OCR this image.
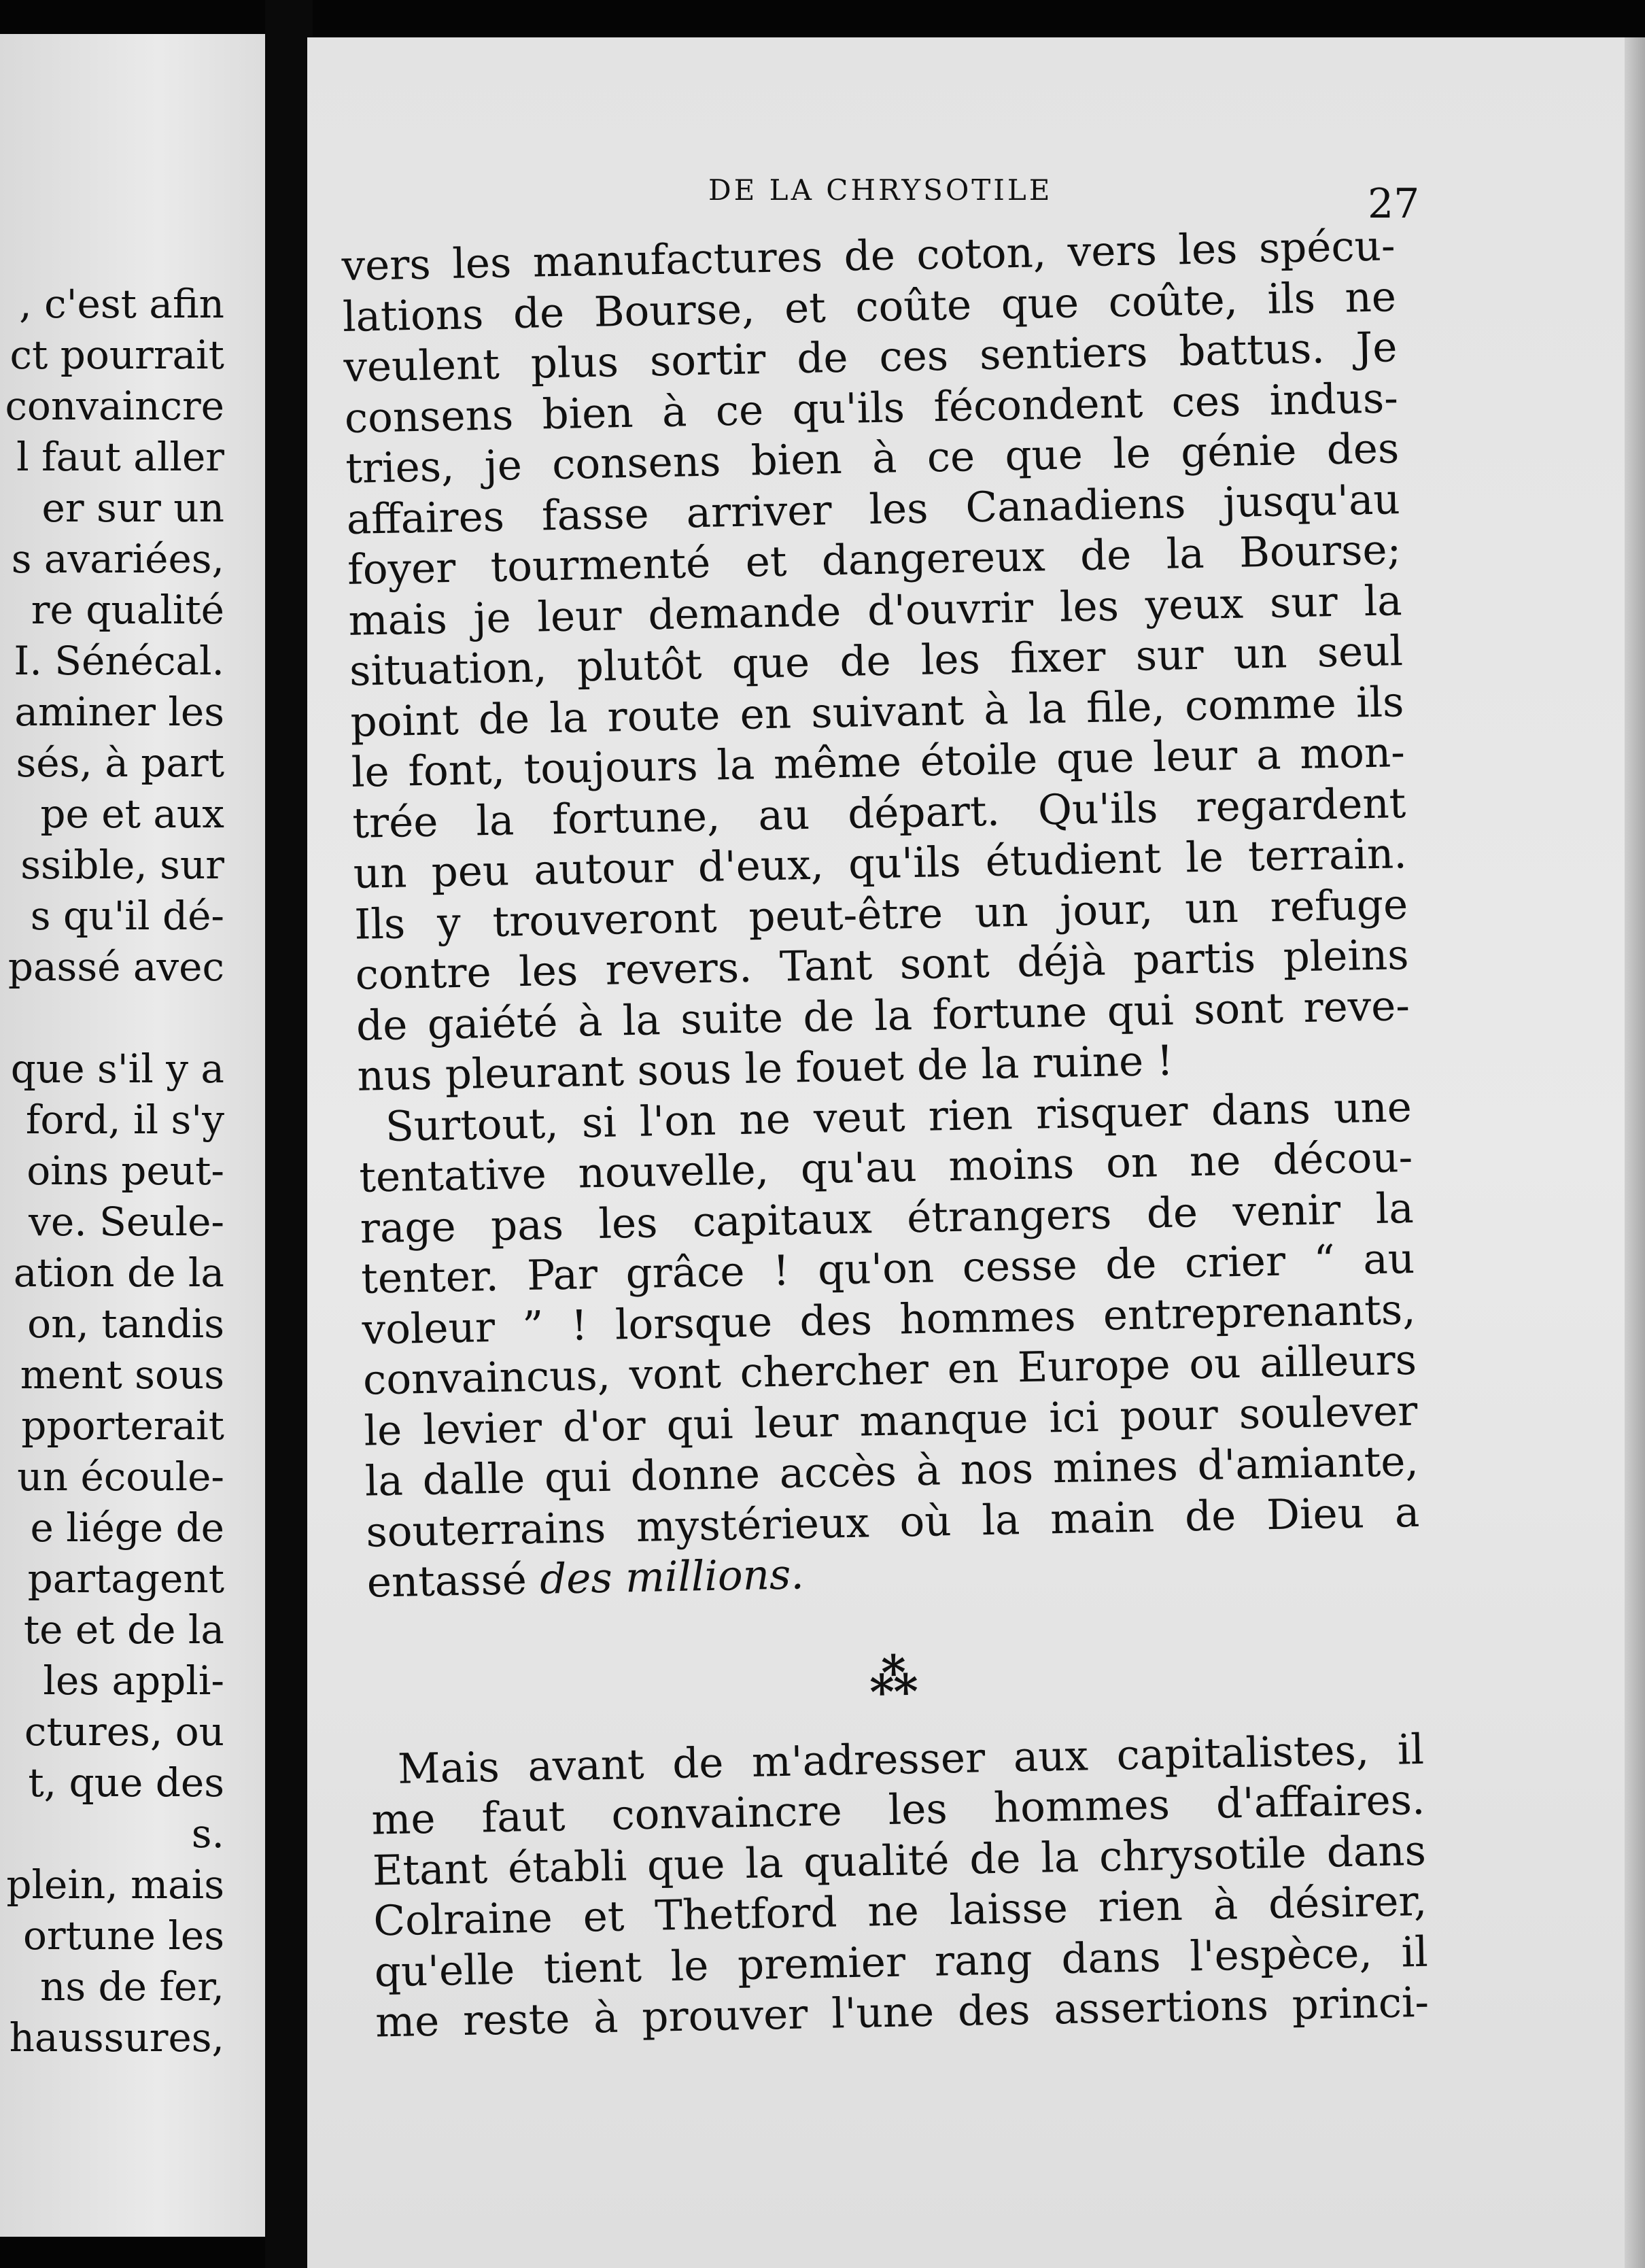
, c'est afin
ct pourrait
convaincre
l faut aller
er sur un
s avariées,
re qualité
I. Sénécal.
aminer les
sés, à part
pe et aux
ssible, sur
s qu'il dé-
passé avec
que s'il y a
ford, il s'y
oins peut-
ve. Seule-
ation de la
on, tandis
ment sous
pporterait
un écoule-
e liége de
partagent
te et de la
les appli-
ctures, ou
t, que des
s.
plein, mais
ortune les
ns de fer,
haussures,
DE LA CHRYSOTILE	27
vers les manufactures de coton, vers les spécu-
lations de Bourse, et coûte que coûte, ils ne
veulent plus sortir de ces sentiers battus. Je
consens bien à ce qu'ils fécondent ces indus-
tries, je consens bien à ce que le génie des
affaires fasse arriver les Canadiens jusqu'au
foyer tourmenté et dangereux de la Bourse;
mais je leur demande d'ouvrir les yeux sur la
situation, plutôt que de les fixer sur un seul
point de la route en suivant à la file, comme ils
le font, toujours la même étoile que leur a mon-
trée la fortune, au départ. Qu'ils regardent
un peu autour d'eux, qu'ils étudient le terrain.
Ils y trouveront peut-être un jour, un refuge
contre les revers. Tant sont déjà partis pleins
de gaiété à la suite de la fortune qui sont reve-
nus pleurant sous le fouet de la ruine !
Surtout, si l'on ne veut rien risquer dans une
tentative nouvelle, qu'au moins on ne décou-
rage pas les capitaux étrangers de venir la
tenter. Par grâce ! qu'on cesse de crier “ au
voleur ” ! lorsque des hommes entreprenants,
convaincus, vont chercher en Europe ou ailleurs
le levier d'or qui leur manque ici pour soulever
la dalle qui donne accès à nos mines d'amiante,
souterrains mystérieux où la main de Dieu a
entassé des millions.
⁂
Mais avant de m'adresser aux capitalistes, il
me faut convaincre les hommes d'affaires.
Etant établi que la qualité de la chrysotile dans
Colraine et Thetford ne laisse rien à désirer,
qu'elle tient le premier rang dans l'espèce, il
me reste à prouver l'une des assertions princi-
